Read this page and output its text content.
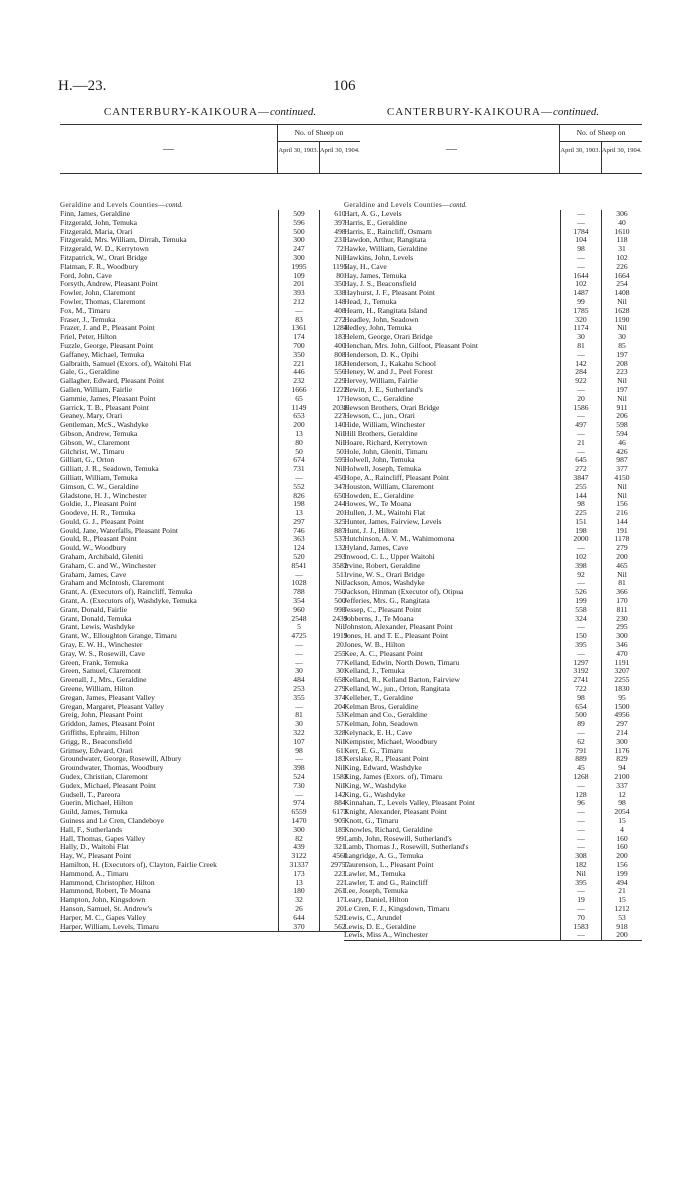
H.—23.	106
CANTERBURY-KAIKOURA—continued.
—
No. of Sheep on
April 30, 1903. April 30, 1904.
Geraldine and Levels Counties—contd.
Finn, James, Geraldine	509	610
Fitzgerald, John, Temuka	596	397
Fitzgerald, Maria, Orari	500	498
Fitzgerald, Mrs. William, Dirrah, Temuka	300	231
Fitzgerald, W. D., Kerrytown	247	72
Fitzpatrick, W., Orari Bridge	300	Nil
Flatman, F. R., Woodbury	1995	1195
Ford, John, Cave	109	80
Forsyth, Andrew, Pleasant Point	201	350
Fowler, John, Claremont	393	338
Fowler, Thomas, Claremont	212	148
Fox, M., Timaru	—	408
Fraser, J., Temuka	83	272
Frazer, J. and P., Pleasant Point	1361	1284
Friel, Peter, Hilton	174	183
Fuzzle, George, Pleasant Point	700	400
Gaffaney, Michael, Temuka	350	808
Galbraith, Samuel (Exors. of), Waitohi Flat	221	182
Gale, G., Geraldine	446	556
Gallagher, Edward, Pleasant Point	232	229
Gallen, William, Fairlie	1666	1222
Gammie, James, Pleasant Point	65	17
Garrick, T. B., Pleasant Point	1149	2038
Geaney, Mary, Orari	653	227
Gentleman, McS., Washdyke	200	140
Gibson, Andrew, Temuka	13	Nil
Gibson, W., Claremont	80	Nil
Gilchrist, W., Timaru	50	50
Gilliatt, G., Orton	674	595
Gilliatt, J. R., Seadown, Temuka	731	Nil
Gilliatt, William, Temuka	—	450
Gimson, C. W., Geraldine	552	347
Gladstone, H. J., Winchester	826	650
Goldie, J., Pleasant Point	198	244
Goodeve, H. R., Temuka	13	20
Gould, G. J., Pleasant Point	297	325
Gould, Jane, Waterfalls, Pleasant Point	746	887
Gould, R., Pleasant Point	363	537
Gould, W., Woodbury	124	132
Graham, Archibald, Gleniti	520	293
Graham, C. and W., Winchester	8541	3582
Graham, James, Cave	—	51
Graham and McIntosh, Claremont	1028	Nil
Grant, A. (Executors of), Raincliff, Temuka	788	750
Grant, A. (Executors of), Washdyke, Temuka	354	500
Grant, Donald, Fairlie	960	998
Grant, Donald, Temuka	2548	2439
Grant, Lewis, Washdyke	5	Nil
Grant, W., Elloughton Grange, Timaru	4725	1919
Gray, E. W. H., Winchester	—	20
Gray, W. S., Rosewill, Cave	—	255
Green, Frank, Temuka	—	77
Green, Samuel, Claremont	30	30
Greenall, J., Mrs., Geraldine	484	658
Greene, William, Hilton	253	279
Gregan, James, Pleasant Valley	355	374
Gregan, Margaret, Pleasant Valley	—	204
Greig, John, Pleasant Point	81	53
Griddon, James, Pleasant Point	30	57
Griffiths, Ephraim, Hilton	322	328
Grigg, R., Beaconsfield	107	Nil
Grimsey, Edward, Orari	98	61
Groundwater, George, Rosewill, Albury	—	183
Groundwater, Thomas, Woodbury	398	Nil
Gudex, Christian, Claremont	524	1583
Gudex, Michael, Pleasant Point	730	Nil
Gudsell, T., Pareora	—	142
Guerin, Michael, Hilton	974	884
Guild, James, Temuka	6559	6173
Guiness and Le Cren, Clandeboye	1470	905
Hall, F., Sutherlands	300	185
Hall, Thomas, Gapes Valley	82	99
Hally, D., Waitohi Flat	439	321
Hay, W., Pleasant Point	3122	4560
Hamilton, H. (Executors of), Clayton, Fairlie Creek	31337	29757
Hammond, A., Timaru	173	223
Hammond, Christopher, Hilton	13	22
Hammond, Robert, Te Moana	180	261
Hampton, John, Kingsdown	32	17
Hanson, Samuel, St. Andrew's	26	20
Harper, M. C., Gapes Valley	644	520
Harper, William, Levels, Timaru	370	562
CANTERBURY-KAIKOURA—continued.
—
No. of Sheep on
April 30, 1903. April 30, 1904.
Geraldine and Levels Counties—contd.
Hart, A. G., Levels	—	306
Harris, E., Geraldine	—	40
Harris, E., Raincliff, Osmarn	1784	1610
Hawdon, Arthur, Rangitata	104	118
Hawke, William, Geraldine	98	31
Hawkins, John, Levels	—	102
Hay, H., Cave	—	226
Hay, James, Temuka	1644	1664
Hay, J. S., Beaconsfield	102	254
Hayhurst, J. F., Pleasant Point	1487	1408
Head, J., Temuka	99	Nil
Hearn, H., Rangitata Island	1785	1628
Headley, John, Seadown	320	1190
Hedley, John, Temuka	1174	Nil
Helem, George, Orari Bridge	30	30
Henchan, Mrs. John, Gilfoot, Pleasant Point	81	85
Henderson, D. K., Opihi	—	197
Henderson, J., Kakahu School	142	208
Heney, W. and J., Peel Forest	284	223
Hervey, William, Fairlie	922	Nil
Hewitt, J. E., Sutherland's	—	197
Hewson, C., Geraldine	20	Nil
Hewson Brothers, Orari Bridge	1586	911
Hewson, C., jun., Orari	—	206
Hide, William, Winchester	497	598
Hill Brothers, Geraldine	—	594
Hoare, Richard, Kerrytown	21	46
Hole, John, Gleniti, Timaru	—	426
Holwell, John, Temuka	645	987
Holwell, Joseph, Temuka	272	377
Hope, A., Raincliff, Pleasant Point	3847	4150
Houston, William, Claremont	255	Nil
Howden, E., Geraldine	144	Nil
Howes, W., Te Moana	98	156
Hullen, J. M., Waitohi Flat	225	216
Hunter, James, Fairview, Levels	151	144
Hunt, J. J., Hilton	198	191
Hutchinson, A. V. M., Wahimomona	2000	1178
Hyland, James, Cave	—	279
Inwood, C. L., Upper Waitohi	102	200
Irvine, Robert, Geraldine	398	465
Irvine, W. S., Orari Bridge	92	Nil
Jackson, Amos, Washdyke	—	81
Jackson, Hinman (Executor of), Otipua	526	366
Jefferies, Mrs. G., Rangitata	199	170
Jessep, C., Pleasant Point	558	811
Jobberns, J., Te Moana	324	230
Johnston, Alexander, Pleasant Point	—	295
Jones, H. and T. E., Pleasant Point	150	300
Jones, W. B., Hilton	395	346
Kee, A. C., Pleasant Point	—	470
Kelland, Edwin, North Down, Timaru	1297	1191
Kelland, J., Temuka	3192	3207
Kelland, R., Kelland Barton, Fairview	2741	2255
Kelland, W., jun., Orton, Rangitata	722	1830
Kelleher, T., Geraldine	98	95
Kelman Bros, Geraldine	654	1500
Kelman and Co., Geraldine	500	4956
Kelman, John, Seadown	89	297
Kelynack, E. H., Cave	—	214
Kempster, Michael, Woodbury	62	300
Kerr, E. G., Timaru	791	1176
Kerslake, R., Pleasant Point	889	829
King, Edward, Washdyke	45	94
King, James (Exors. of), Timaru	1268	2100
King, W., Washdyke	—	337
King, G., Washdyke	128	12
Kinnahan, T., Levels Valley, Pleasant Point	96	98
Knight, Alexander, Pleasant Point	—	2054
Knott, G., Timaru	—	15
Knowles, Richard, Geraldine	—	4
Lamb, John, Rosewill, Sutherland's	—	160
Lamb, Thomas J., Rosewill, Sutherland's	—	160
Langridge, A. G., Temuka	308	200
Laurenson, L., Pleasant Point	182	156
Lawler, M., Temuka	Nil	199
Lawler, T. and G., Raincliff	395	494
Lee, Joseph, Temuka	—	21
Leary, Daniel, Hilton	19	15
Le Cren, F. J., Kingsdown, Timaru	—	1212
Lewis, C., Arundel	70	53
Lewis, D. E., Geraldine	1583	918
Lewis, Miss A., Winchester	—	200
